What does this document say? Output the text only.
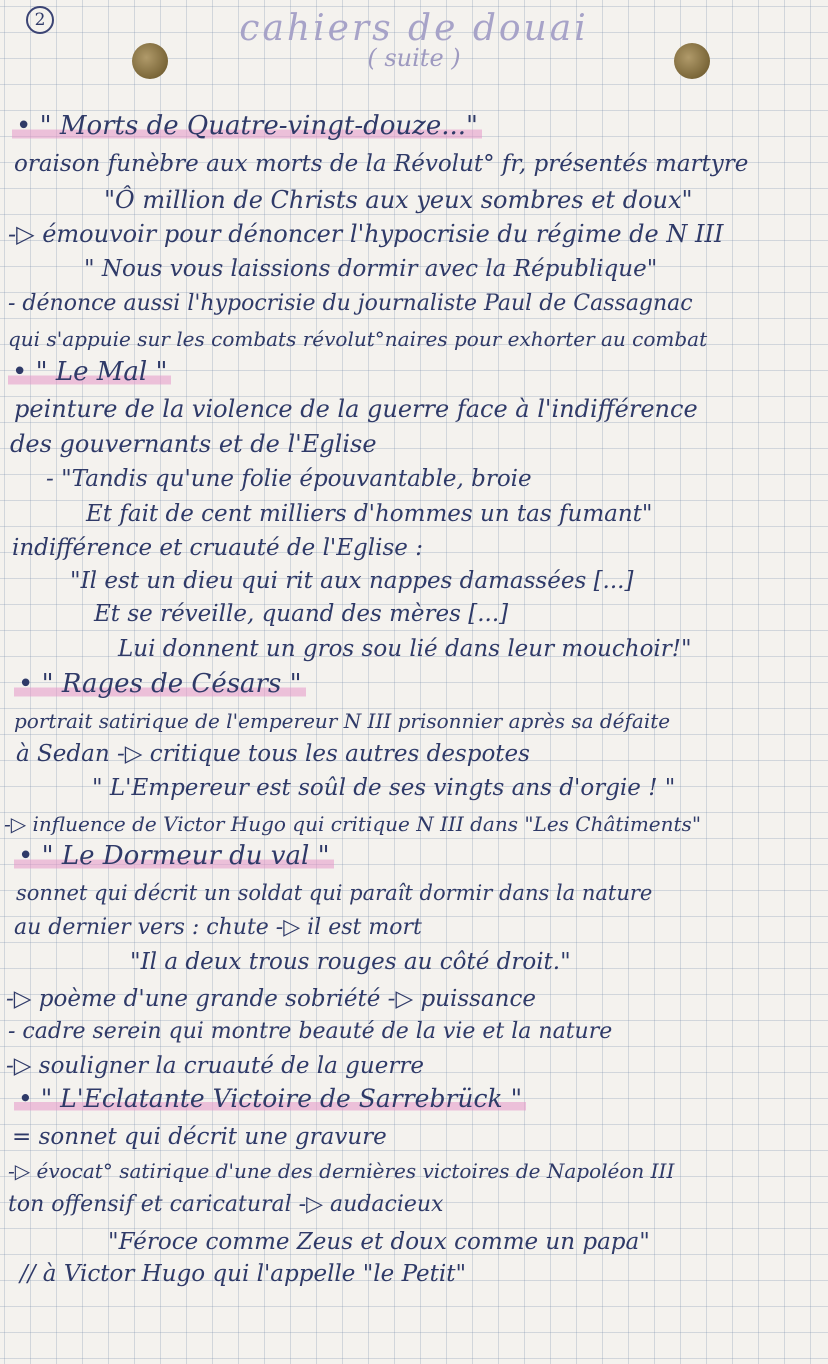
2	cahiers de douai
( suite )
• " Morts de Quatre-vingt-douze..."
oraison funèbre aux morts de la Révolut° fr, présentés martyre
"Ô million de Christs aux yeux sombres et doux"
-▷ émouvoir pour dénoncer l'hypocrisie du régime de N III
" Nous vous laissions dormir avec la République"
- dénonce aussi l'hypocrisie du journaliste Paul de Cassagnac
qui s'appuie sur les combats révolut°naires pour exhorter au combat
• " Le Mal "
peinture de la violence de la guerre face à l'indifférence
des gouvernants et de l'Eglise
- "Tandis qu'une folie épouvantable, broie
Et fait de cent milliers d'hommes un tas fumant"
indifférence et cruauté de l'Eglise :
"Il est un dieu qui rit aux nappes damassées [...]
Et se réveille, quand des mères [...]
Lui donnent un gros sou lié dans leur mouchoir!"
• " Rages de Césars "
portrait satirique de l'empereur N III prisonnier après sa défaite
à Sedan -▷ critique tous les autres despotes
" L'Empereur est soûl de ses vingts ans d'orgie ! "
-▷ influence de Victor Hugo qui critique N III dans "Les Châtiments"
• " Le Dormeur du val "
sonnet qui décrit un soldat qui paraît dormir dans la nature
au dernier vers : chute -▷ il est mort
"Il a deux trous rouges au côté droit."
-▷ poème d'une grande sobriété -▷ puissance
- cadre serein qui montre beauté de la vie et la nature
-▷ souligner la cruauté de la guerre
• " L'Eclatante Victoire de Sarrebrück "
= sonnet qui décrit une gravure
-▷ évocat° satirique d'une des dernières victoires de Napoléon III
ton offensif et caricatural -▷ audacieux
"Féroce comme Zeus et doux comme un papa"
// à Victor Hugo qui l'appelle "le Petit"
